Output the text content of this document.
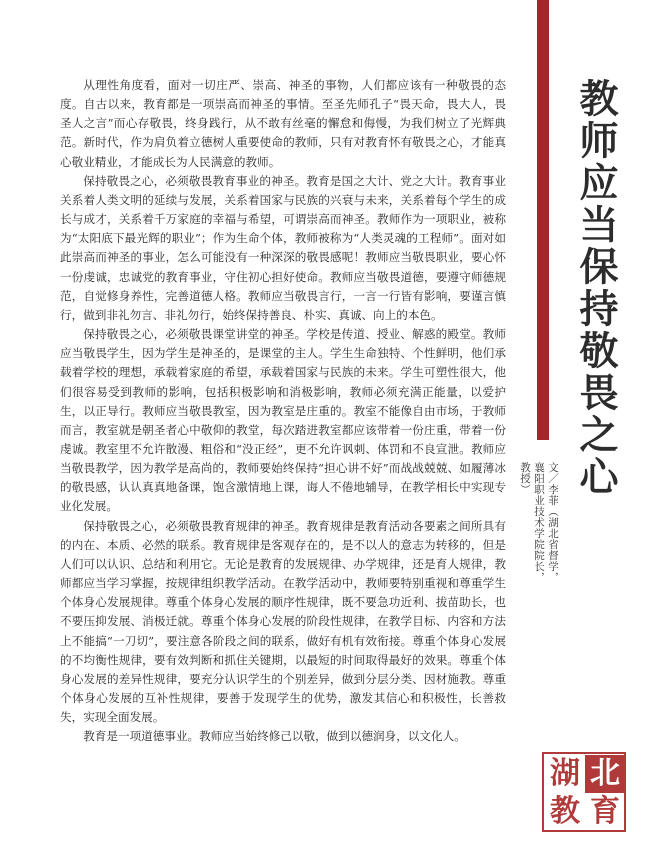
教师应当保持敬畏之心
文／李菲（湖北省督学，襄阳职业技术学院院长，教授）

从理性角度看，面对一切庄严、崇高、神圣的事物，人们都应该有一种敬畏的态度。自古以来，教育都是一项崇高而神圣的事情。至圣先师孔子“畏天命，畏大人，畏圣人之言”而心存敬畏，终身践行，从不敢有丝毫的懈怠和侮慢，为我们树立了光辉典范。新时代，作为肩负着立德树人重要使命的教师，只有对教育怀有敬畏之心，才能真心敬业精业，才能成长为人民满意的教师。

保持敬畏之心，必须敬畏教育事业的神圣。教育是国之大计、党之大计。教育事业关系着人类文明的延续与发展，关系着国家与民族的兴衰与未来，关系着每个学生的成长与成才，关系着千万家庭的幸福与希望，可谓崇高而神圣。教师作为一项职业，被称为“太阳底下最光辉的职业”；作为生命个体，教师被称为“人类灵魂的工程师”。面对如此崇高而神圣的事业，怎么可能没有一种深深的敬畏感呢！教师应当敬畏职业，要心怀一份虔诚，忠诚党的教育事业，守住初心担好使命。教师应当敬畏道德，要遵守师德规范，自觉修身养性，完善道德人格。教师应当敬畏言行，一言一行皆有影响，要谨言慎行，做到非礼勿言、非礼勿行，始终保持善良、朴实、真诚、向上的本色。

保持敬畏之心，必须敬畏课堂讲堂的神圣。学校是传道、授业、解惑的殿堂。教师应当敬畏学生，因为学生是神圣的，是课堂的主人。学生生命独特、个性鲜明，他们承载着学校的理想，承载着家庭的希望，承载着国家与民族的未来。学生可塑性很大，他们很容易受到教师的影响，包括积极影响和消极影响，教师必须充满正能量，以爱护生，以正导行。教师应当敬畏教室，因为教室是庄重的。教室不能像自由市场，于教师而言，教室就是朝圣者心中敬仰的教堂，每次踏进教室都应该带着一份庄重，带着一份虔诚。教室里不允许散漫、粗俗和“没正经”，更不允许讽刺、体罚和不良宣泄。教师应当敬畏教学，因为教学是高尚的，教师要始终保持“担心讲不好”而战战兢兢、如履薄冰的敬畏感，认认真真地备课，饱含激情地上课，诲人不倦地辅导，在教学相长中实现专业化发展。

保持敬畏之心，必须敬畏教育规律的神圣。教育规律是教育活动各要素之间所具有的内在、本质、必然的联系。教育规律是客观存在的，是不以人的意志为转移的，但是人们可以认识、总结和利用它。无论是教育的发展规律、办学规律，还是育人规律，教师都应当学习掌握，按规律组织教学活动。在教学活动中，教师要特别重视和尊重学生个体身心发展规律。尊重个体身心发展的顺序性规律，既不要急功近利、拔苗助长，也不要压抑发展、消极迁就。尊重个体身心发展的阶段性规律，在教学目标、内容和方法上不能搞“一刀切”，要注意各阶段之间的联系，做好有机有效衔接。尊重个体身心发展的不均衡性规律，要有效判断和抓住关键期，以最短的时间取得最好的效果。尊重个体身心发展的差异性规律，要充分认识学生的个别差异，做到分层分类、因材施教。尊重个体身心发展的互补性规律，要善于发现学生的优势，激发其信心和积极性，长善救失，实现全面发展。

教育是一项道德事业。教师应当始终修己以敬，做到以德润身，以文化人。

湖 北
教 育
